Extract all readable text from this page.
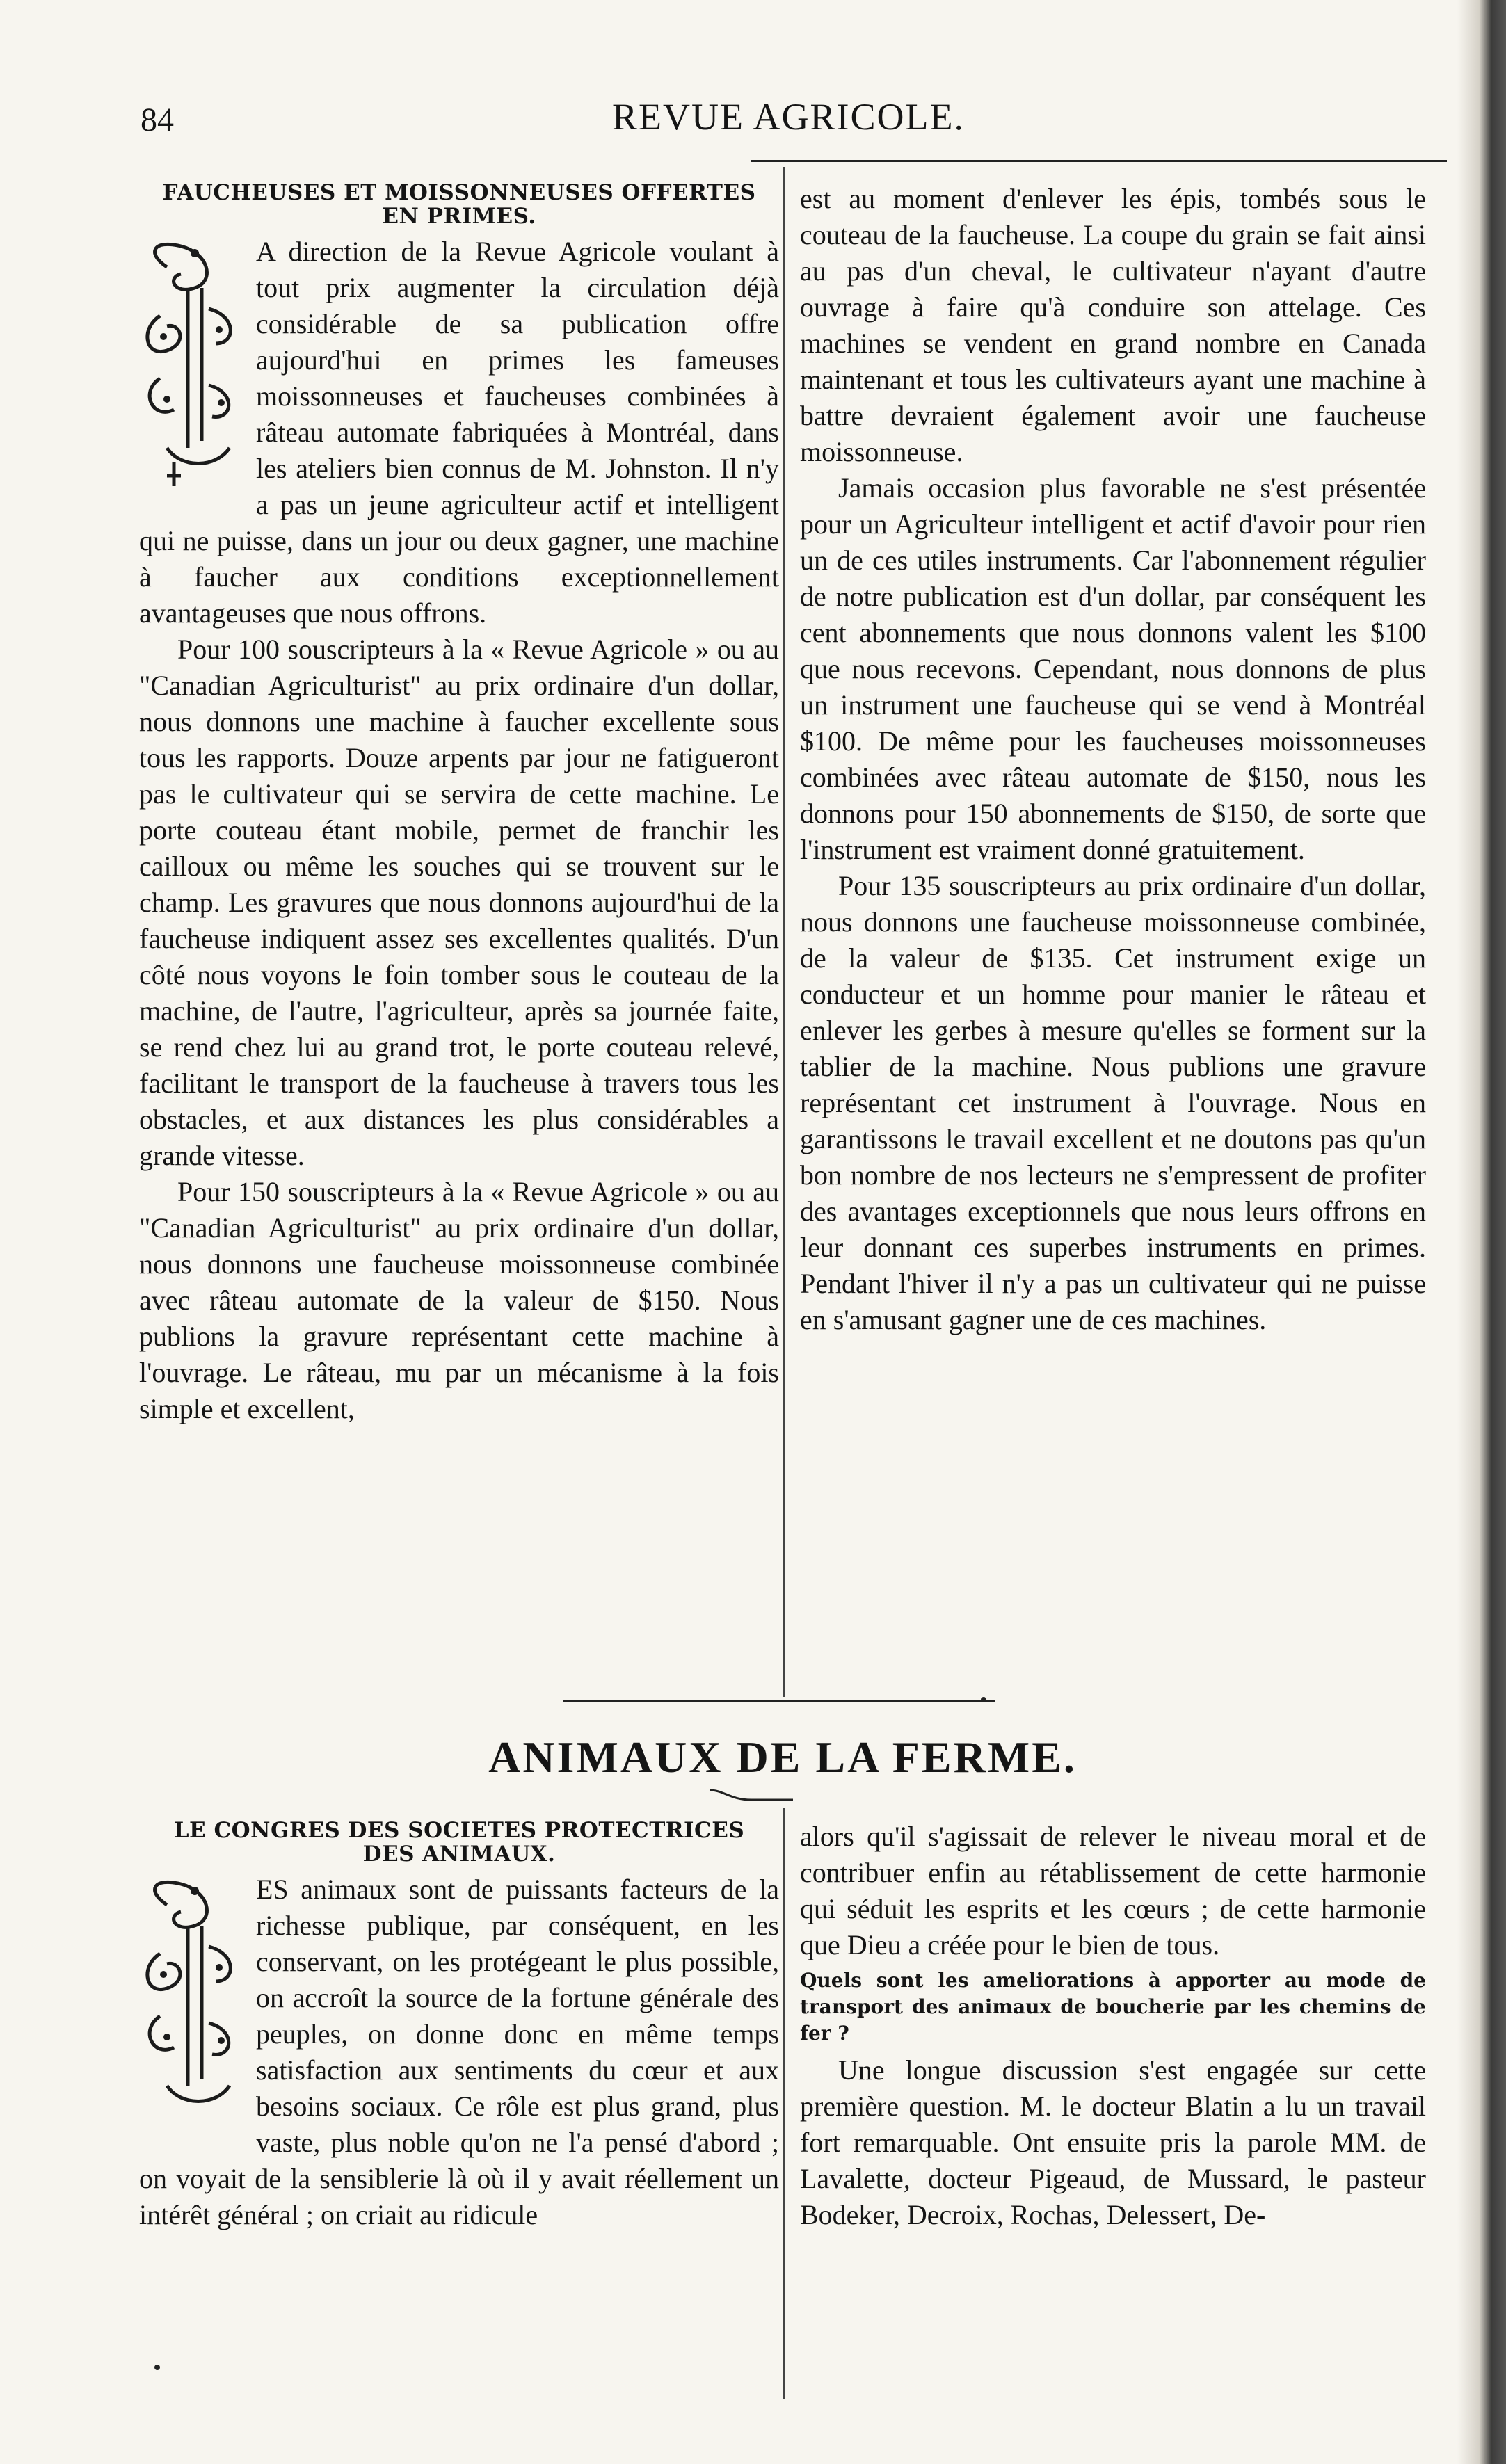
84	REVUE AGRICOLE.
FAUCHEUSES ET MOISSONNEUSES OFFERTES
EN PRIMES.

A direction de la Revue Agricole voulant à tout prix augmenter la circulation déjà considérable de sa publication offre aujourd'hui en primes les fameuses moissonneuses et faucheuses combinées à râteau automate fabriquées à Montréal, dans les ateliers bien connus de M. Johnston. Il n'y a pas un jeune agriculteur actif et intelligent qui ne puisse, dans un jour ou deux gagner, une machine à faucher aux conditions exceptionnellement avantageuses que nous offrons.

Pour 100 souscripteurs à la « Revue Agricole » ou au "Canadian Agriculturist" au prix ordinaire d'un dollar, nous donnons une machine à faucher excellente sous tous les rapports. Douze arpents par jour ne fatigueront pas le cultivateur qui se servira de cette machine. Le porte couteau étant mobile, permet de franchir les cailloux ou même les souches qui se trouvent sur le champ. Les gravures que nous donnons aujourd'hui de la faucheuse indiquent assez ses excellentes qualités. D'un côté nous voyons le foin tomber sous le couteau de la machine, de l'autre, l'agriculteur, après sa journée faite, se rend chez lui au grand trot, le porte couteau relevé, facilitant le transport de la faucheuse à travers tous les obstacles, et aux distances les plus considérables a grande vitesse.

Pour 150 souscripteurs à la « Revue Agricole » ou au "Canadian Agriculturist" au prix ordinaire d'un dollar, nous donnons une faucheuse moissonneuse combinée avec râteau automate de la valeur de $150. Nous publions la gravure représentant cette machine à l'ouvrage. Le râteau, mu par un mécanisme à la fois simple et excellent,

est au moment d'enlever les épis, tombés sous le couteau de la faucheuse. La coupe du grain se fait ainsi au pas d'un cheval, le cultivateur n'ayant d'autre ouvrage à faire qu'à conduire son attelage. Ces machines se vendent en grand nombre en Canada maintenant et tous les cultivateurs ayant une machine à battre devraient également avoir une faucheuse moissonneuse.

Jamais occasion plus favorable ne s'est présentée pour un Agriculteur intelligent et actif d'avoir pour rien un de ces utiles instruments. Car l'abonnement régulier de notre publication est d'un dollar, par conséquent les cent abonnements que nous donnons valent les $100 que nous recevons. Cependant, nous donnons de plus un instrument une faucheuse qui se vend à Montréal $100. De même pour les faucheuses moissonneuses combinées avec râteau automate de $150, nous les donnons pour 150 abonnements de $150, de sorte que l'instrument est vraiment donné gratuitement.

Pour 135 souscripteurs au prix ordinaire d'un dollar, nous donnons une faucheuse moissonneuse combinée, de la valeur de $135. Cet instrument exige un conducteur et un homme pour manier le râteau et enlever les gerbes à mesure qu'elles se forment sur la tablier de la machine. Nous publions une gravure représentant cet instrument à l'ouvrage. Nous en garantissons le travail excellent et ne doutons pas qu'un bon nombre de nos lecteurs ne s'empressent de profiter des avantages exceptionnels que nous leurs offrons en leur donnant ces superbes instruments en primes. Pendant l'hiver il n'y a pas un cultivateur qui ne puisse en s'amusant gagner une de ces machines.

ANIMAUX DE LA FERME.
LE CONGRES DES SOCIETES PROTECTRICES
DES ANIMAUX.

ES animaux sont de puissants facteurs de la richesse publique, par conséquent, en les conservant, on les protégeant le plus possible, on accroît la source de la fortune générale des peuples, on donne donc en même temps satisfaction aux sentiments du cœur et aux besoins sociaux. Ce rôle est plus grand, plus vaste, plus noble qu'on ne l'a pensé d'abord ; on voyait de la sensiblerie là où il y avait réellement un intérêt général ; on criait au ridicule

alors qu'il s'agissait de relever le niveau moral et de contribuer enfin au rétablissement de cette harmonie qui séduit les esprits et les cœurs ; de cette harmonie que Dieu a créée pour le bien de tous.

Quels sont les ameliorations à apporter au mode de transport des animaux de boucherie par les chemins de fer ?

Une longue discussion s'est engagée sur cette première question. M. le docteur Blatin a lu un travail fort remarquable. Ont ensuite pris la parole MM. de Lavalette, docteur Pigeaud, de Mussard, le pasteur Bodeker, Decroix, Rochas, Delessert, De-
